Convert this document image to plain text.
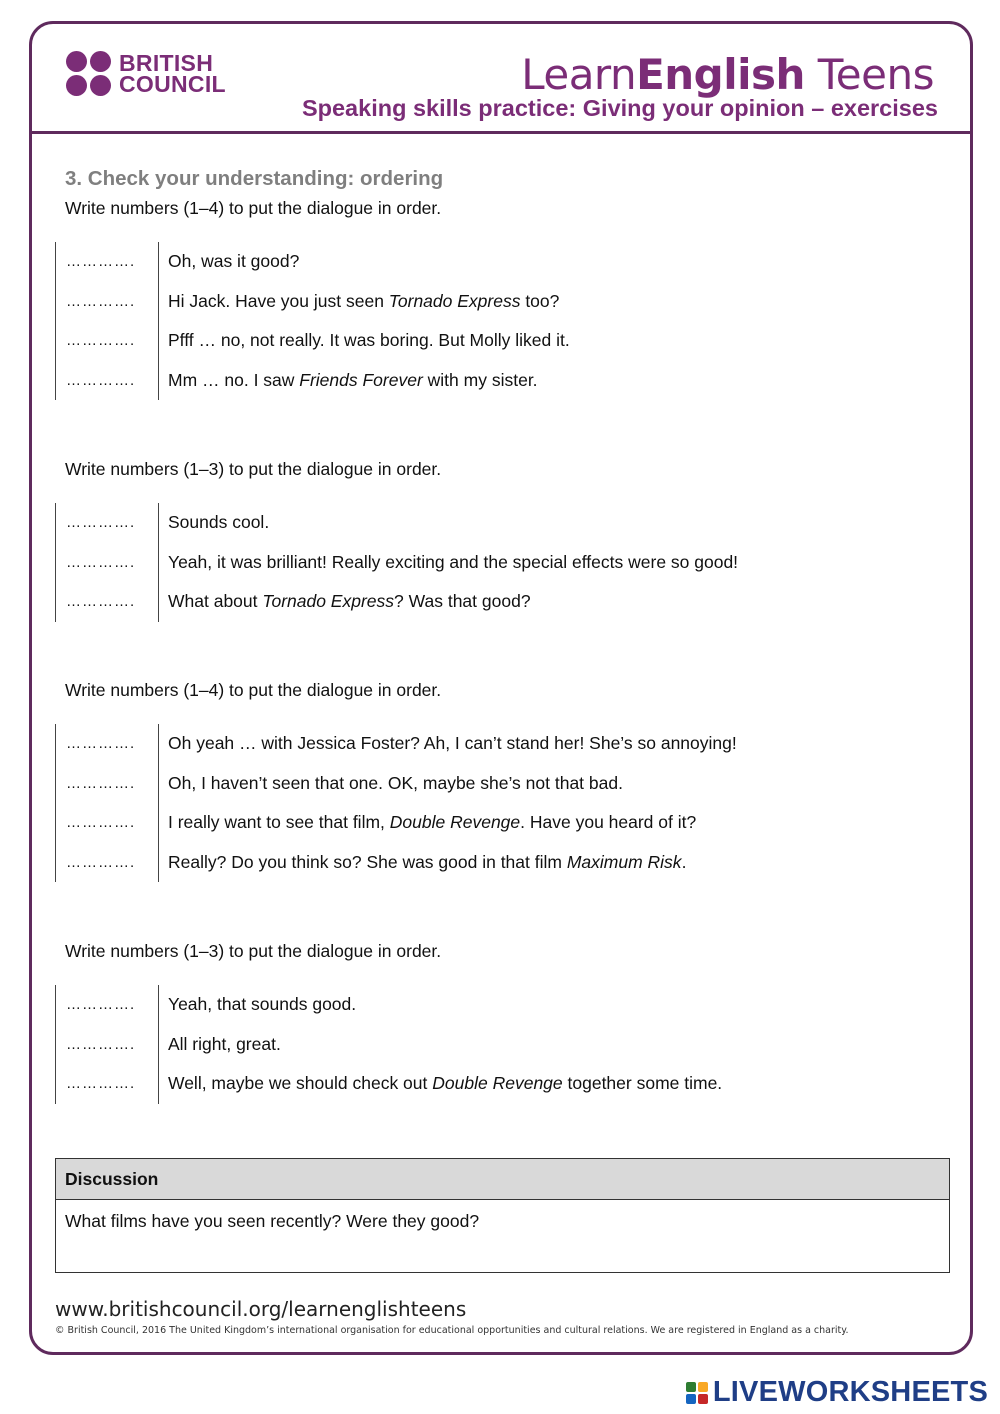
BRITISH
COUNCIL	LearnEnglish Teens
Speaking skills practice: Giving your opinion – exercises
3. Check your understanding: ordering
Write numbers (1–4) to put the dialogue in order.
………….	Oh, was it good?
………….	Hi Jack. Have you just seen Tornado Express too?
………….	Pfff … no, not really. It was boring. But Molly liked it.
………….	Mm … no. I saw Friends Forever with my sister.
Write numbers (1–3) to put the dialogue in order.
………….	Sounds cool.
………….	Yeah, it was brilliant! Really exciting and the special effects were so good!
………….	What about Tornado Express? Was that good?
Write numbers (1–4) to put the dialogue in order.
………….	Oh yeah … with Jessica Foster? Ah, I can’t stand her! She’s so annoying!
………….	Oh, I haven’t seen that one. OK, maybe she’s not that bad.
………….	I really want to see that film, Double Revenge. Have you heard of it?
………….	Really? Do you think so? She was good in that film Maximum Risk.
Write numbers (1–3) to put the dialogue in order.
………….	Yeah, that sounds good.
………….	All right, great.
………….	Well, maybe we should check out Double Revenge together some time.
Discussion
What films have you seen recently? Were they good?
www.britishcouncil.org/learnenglishteens
© British Council, 2016 The United Kingdom’s international organisation for educational opportunities and cultural relations. We are registered in England as a charity.
LIVEWORKSHEETS
